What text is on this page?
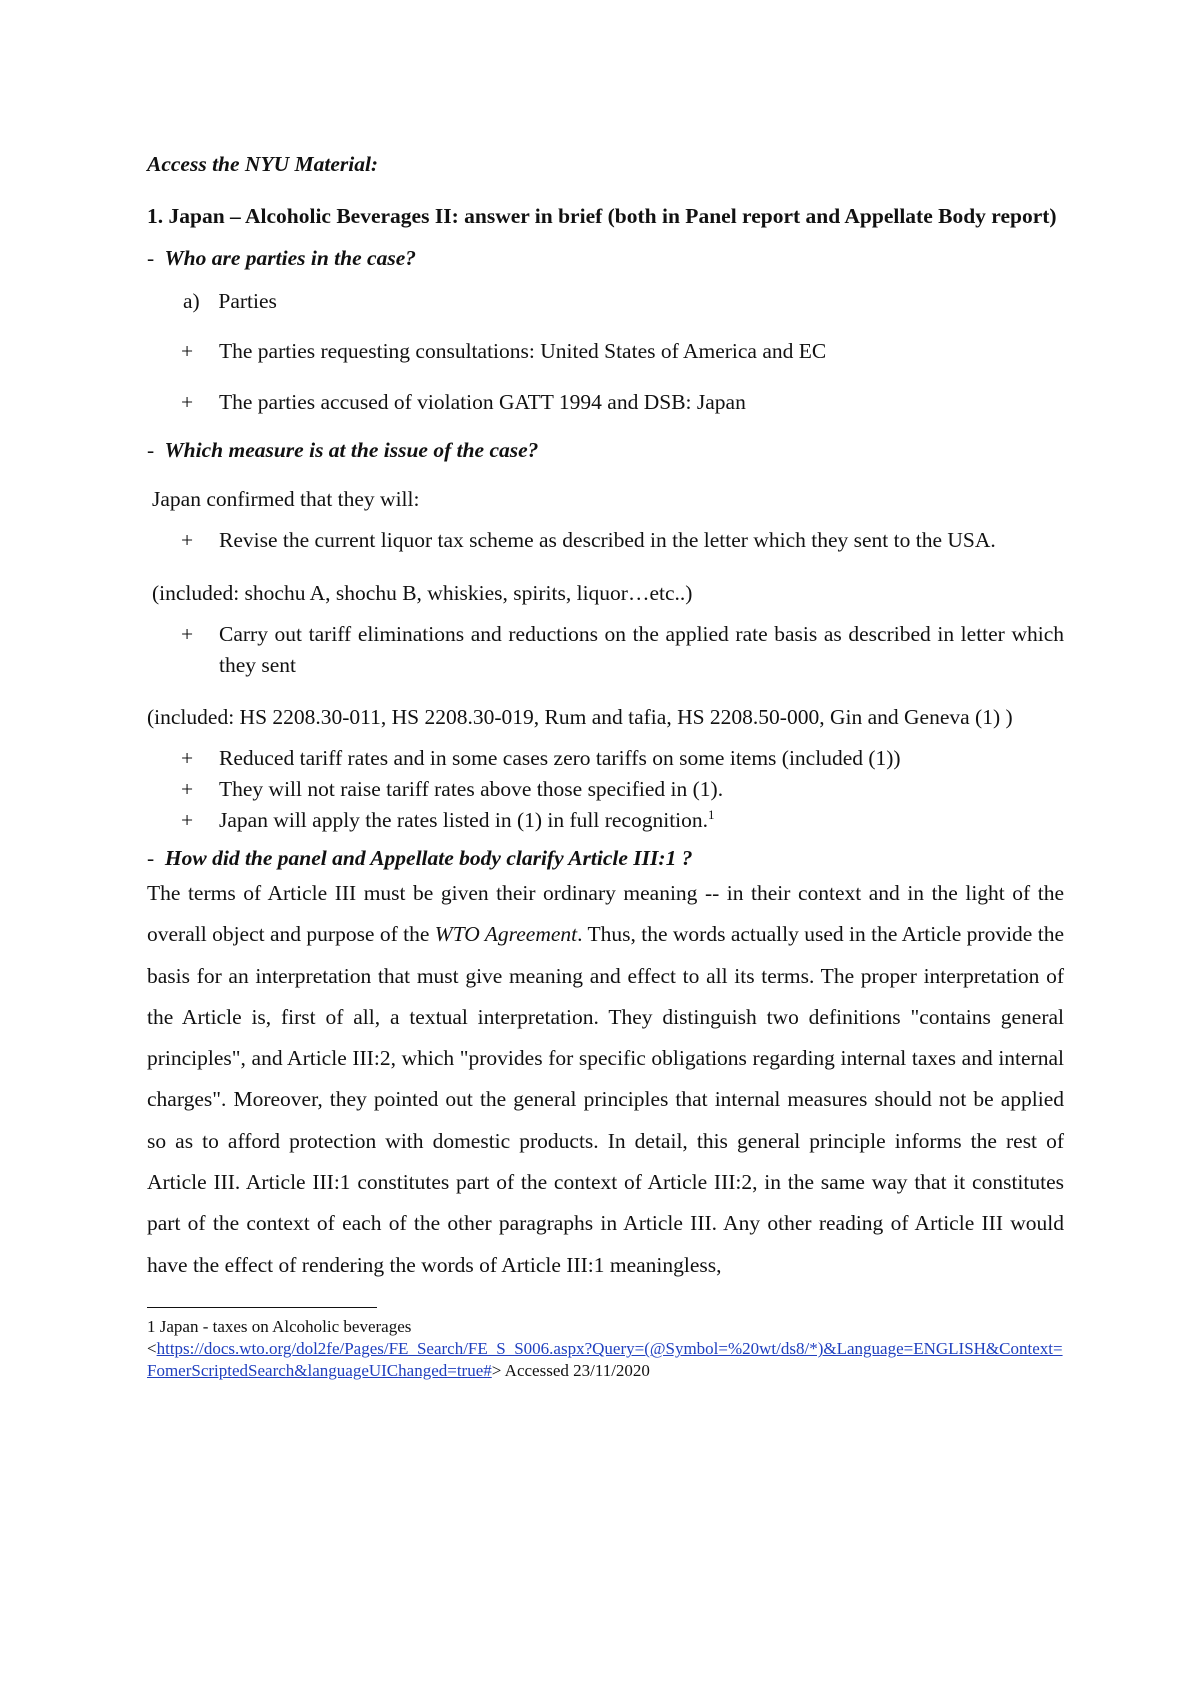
Access the NYU Material:

1. Japan – Alcoholic Beverages II: answer in brief (both in Panel report and Appellate Body report)

- Who are parties in the case?

a) Parties

+ The parties requesting consultations: United States of America and EC
+ The parties accused of violation GATT 1994 and DSB: Japan

- Which measure is at the issue of the case?

Japan confirmed that they will:

+ Revise the current liquor tax scheme as described in the letter which they sent to the USA.

(included: shochu A, shochu B, whiskies, spirits, liquor…etc..)

+ Carry out tariff eliminations and reductions on the applied rate basis as described in letter which they sent

(included: HS 2208.30-011, HS 2208.30-019, Rum and tafia, HS 2208.50-000, Gin and Geneva (1) )

+ Reduced tariff rates and in some cases zero tariffs on some items (included (1))
+ They will not raise tariff rates above those specified in (1).
+ Japan will apply the rates listed in (1) in full recognition.$^1$

- How did the panel and Appellate body clarify Article III:1 ?

The terms of Article III must be given their ordinary meaning -- in their context and in the light of the overall object and purpose of the WTO Agreement. Thus, the words actually used in the Article provide the basis for an interpretation that must give meaning and effect to all its terms. The proper interpretation of the Article is, first of all, a textual interpretation. They distinguish two definitions "contains general principles", and Article III:2, which "provides for specific obligations regarding internal taxes and internal charges". Moreover, they pointed out the general principles that internal measures should not be applied so as to afford protection with domestic products. In detail, this general principle informs the rest of Article III. Article III:1 constitutes part of the context of Article III:2, in the same way that it constitutes part of the context of each of the other paragraphs in Article III. Any other reading of Article III would have the effect of rendering the words of Article III:1 meaningless,

1 Japan - taxes on Alcoholic beverages
<https://docs.wto.org/dol2fe/Pages/FE_Search/FE_S_S006.aspx?Query=(@Symbol=%20wt/ds8/*)&Language=ENGLISH&Context=FomerScriptedSearch&languageUIChanged=true#> Accessed 23/11/2020
